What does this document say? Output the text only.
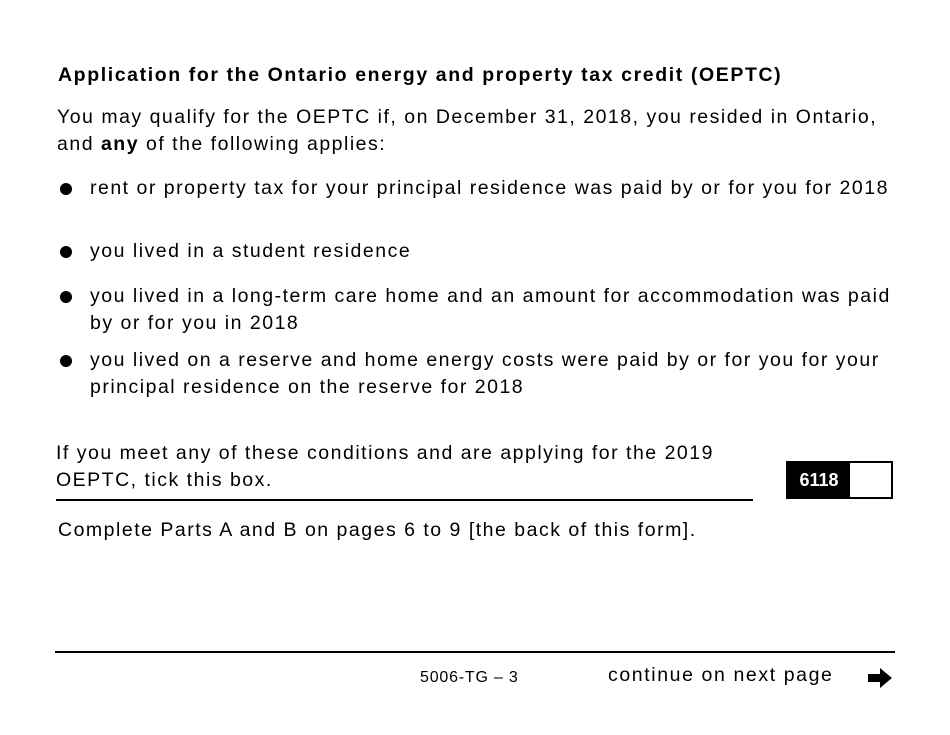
Application for the Ontario energy and property tax credit (OEPTC)
You may qualify for the OEPTC if, on December 31, 2018, you resided in Ontario, and any of the following applies:
rent or property tax for your principal residence was paid by or for you for 2018
you lived in a student residence
you lived in a long-term care home and an amount for accommodation was paid by or for you in 2018
you lived on a reserve and home energy costs were paid by or for you for your principal residence on the reserve for 2018
If you meet any of these conditions and are applying for the 2019 OEPTC, tick this box.	6118
Complete Parts A and B on pages 6 to 9 [the back of this form].
5006-TG – 3	continue on next page
